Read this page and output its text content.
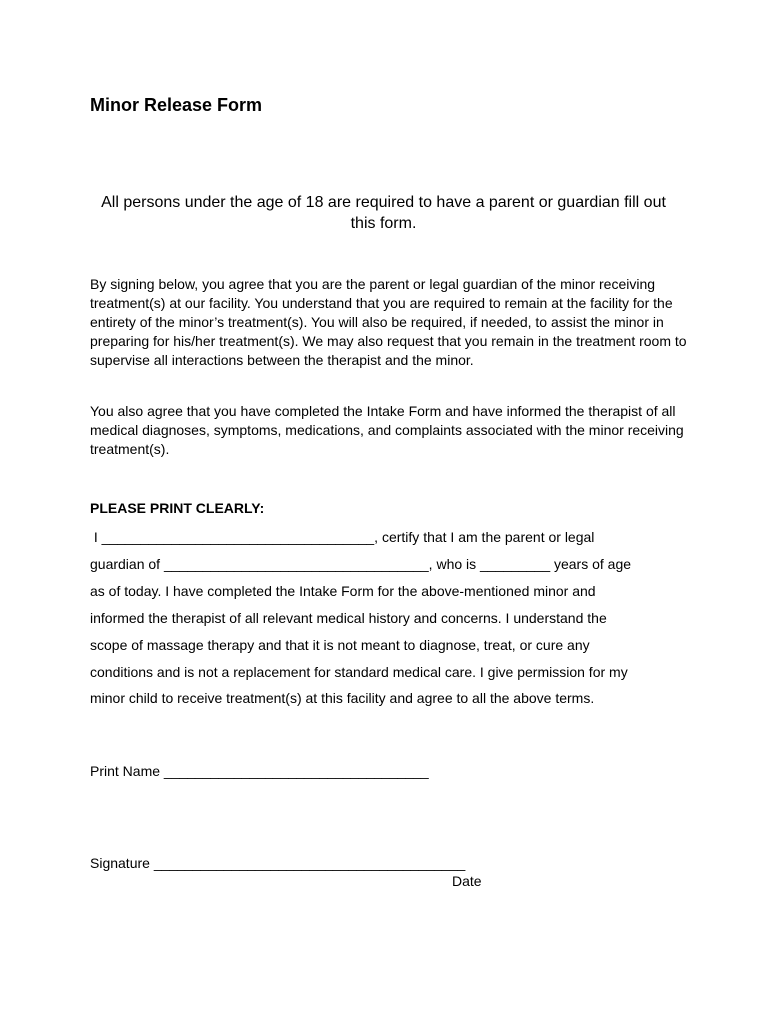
Minor Release Form

All persons under the age of 18 are required to have a parent or guardian fill out this form.

By signing below, you agree that you are the parent or legal guardian of the minor receiving treatment(s) at our facility. You understand that you are required to remain at the facility for the entirety of the minor’s treatment(s). You will also be required, if needed, to assist the minor in preparing for his/her treatment(s). We may also request that you remain in the treatment room to supervise all interactions between the therapist and the minor.

You also agree that you have completed the Intake Form and have informed the therapist of all medical diagnoses, symptoms, medications, and complaints associated with the minor receiving treatment(s).

PLEASE PRINT CLEARLY:

I ___________________________________, certify that I am the parent or legal

guardian of __________________________________, who is _________ years of age

as of today. I have completed the Intake Form for the above-mentioned minor and

informed the therapist of all relevant medical history and concerns. I understand the

scope of massage therapy and that it is not meant to diagnose, treat, or cure any

conditions and is not a replacement for standard medical care. I give permission for my

minor child to receive treatment(s) at this facility and agree to all the above terms.

Print Name __________________________________

Signature ________________________________________

Date
